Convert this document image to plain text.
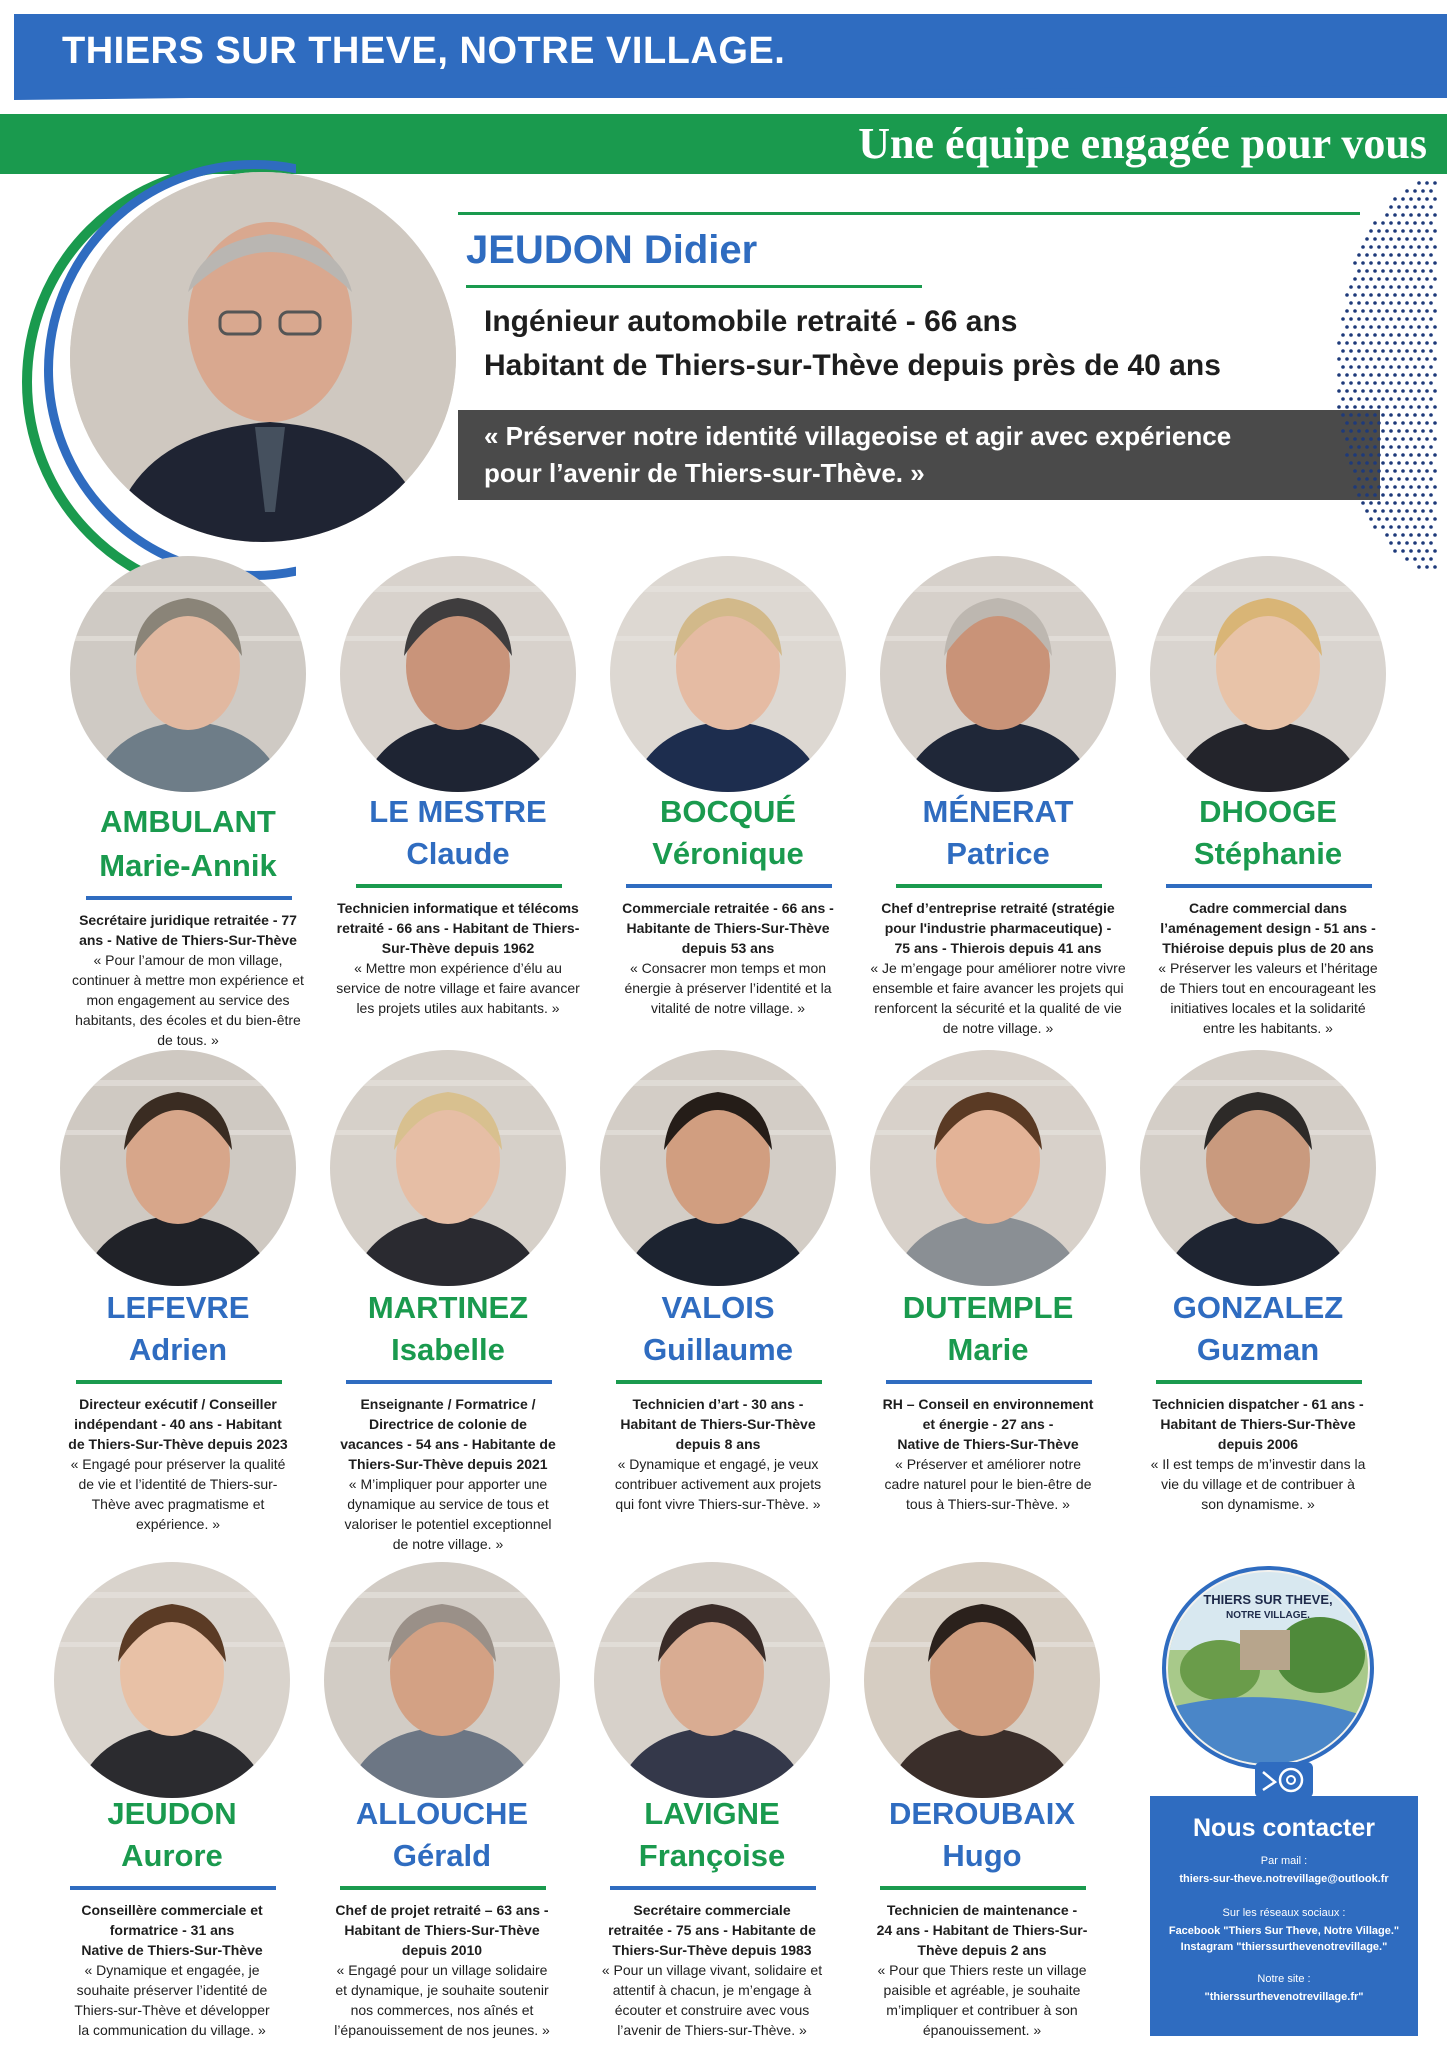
THIERS SUR THEVE, NOTRE VILLAGE.
Une équipe engagée pour vous
JEUDON Didier
Ingénieur automobile retraité - 66 ans
Habitant de Thiers-sur-Thève depuis près de 40 ans
« Préserver notre identité villageoise et agir avec expérience
pour l’avenir de Thiers-sur-Thève. »
AMBULANT
Marie-Annik
Secrétaire juridique retraitée - 77
ans - Native de Thiers-Sur-Thève
« Pour l’amour de mon village,
continuer à mettre mon expérience et
mon engagement au service des
habitants, des écoles et du bien-être
de tous. »
LE MESTRE
Claude
Technicien informatique et télécoms
retraité - 66 ans - Habitant de Thiers-
Sur-Thève depuis 1962
« Mettre mon expérience d’élu au
service de notre village et faire avancer
les projets utiles aux habitants. »
BOCQUÉ
Véronique
Commerciale retraitée - 66 ans -
Habitante de Thiers-Sur-Thève
depuis 53 ans
« Consacrer mon temps et mon
énergie à préserver l’identité et la
vitalité de notre village. »
MÉNERAT
Patrice
Chef d’entreprise retraité (stratégie
pour l'industrie pharmaceutique) -
75 ans - Thierois depuis 41 ans
« Je m’engage pour améliorer notre vivre
ensemble et faire avancer les projets qui
renforcent la sécurité et la qualité de vie
de notre village. »
DHOOGE
Stéphanie
Cadre commercial dans
l’aménagement design - 51 ans -
Thiéroise depuis plus de 20 ans
« Préserver les valeurs et l’héritage
de Thiers tout en encourageant les
initiatives locales et la solidarité
entre les habitants. »
LEFEVRE
Adrien
Directeur exécutif / Conseiller
indépendant - 40 ans - Habitant
de Thiers-Sur-Thève depuis 2023
« Engagé pour préserver la qualité
de vie et l’identité de Thiers-sur-
Thève avec pragmatisme et
expérience. »
MARTINEZ
Isabelle
Enseignante / Formatrice /
Directrice de colonie de
vacances - 54 ans - Habitante de
Thiers-Sur-Thève depuis 2021
« M’impliquer pour apporter une
dynamique au service de tous et
valoriser le potentiel exceptionnel
de notre village. »
VALOIS
Guillaume
Technicien d’art - 30 ans -
Habitant de Thiers-Sur-Thève
depuis 8 ans
« Dynamique et engagé, je veux
contribuer activement aux projets
qui font vivre Thiers-sur-Thève. »
DUTEMPLE
Marie
RH – Conseil en environnement
et énergie - 27 ans -
Native de Thiers-Sur-Thève
« Préserver et améliorer notre
cadre naturel pour le bien-être de
tous à Thiers-sur-Thève. »
GONZALEZ
Guzman
Technicien dispatcher - 61 ans -
Habitant de Thiers-Sur-Thève
depuis 2006
« Il est temps de m’investir dans la
vie du village et de contribuer à
son dynamisme. »
JEUDON
Aurore
Conseillère commerciale et
formatrice - 31 ans
Native de Thiers-Sur-Thève
« Dynamique et engagée, je
souhaite préserver l’identité de
Thiers-sur-Thève et développer
la communication du village. »
ALLOUCHE
Gérald
Chef de projet retraité – 63 ans -
Habitant de Thiers-Sur-Thève
depuis 2010
« Engagé pour un village solidaire
et dynamique, je souhaite soutenir
nos commerces, nos aînés et
l’épanouissement de nos jeunes. »
LAVIGNE
Françoise
Secrétaire commerciale
retraitée - 75 ans - Habitante de
Thiers-Sur-Thève depuis 1983
« Pour un village vivant, solidaire et
attentif à chacun, je m’engage à
écouter et construire avec vous
l’avenir de Thiers-sur-Thève. »
DEROUBAIX
Hugo
Technicien de maintenance -
24 ans - Habitant de Thiers-Sur-
Thève depuis 2 ans
« Pour que Thiers reste un village
paisible et agréable, je souhaite
m’impliquer et contribuer à son
épanouissement. »
THIERS SUR THEVE,
NOTRE VILLAGE.
Nous contacter
Par mail :
thiers-sur-theve.notrevillage@outlook.fr
Sur les réseaux sociaux :
Facebook "Thiers Sur Theve, Notre Village."
Instagram "thierssurthevenotrevillage."
Notre site :
"thierssurthevenotrevillage.fr"
